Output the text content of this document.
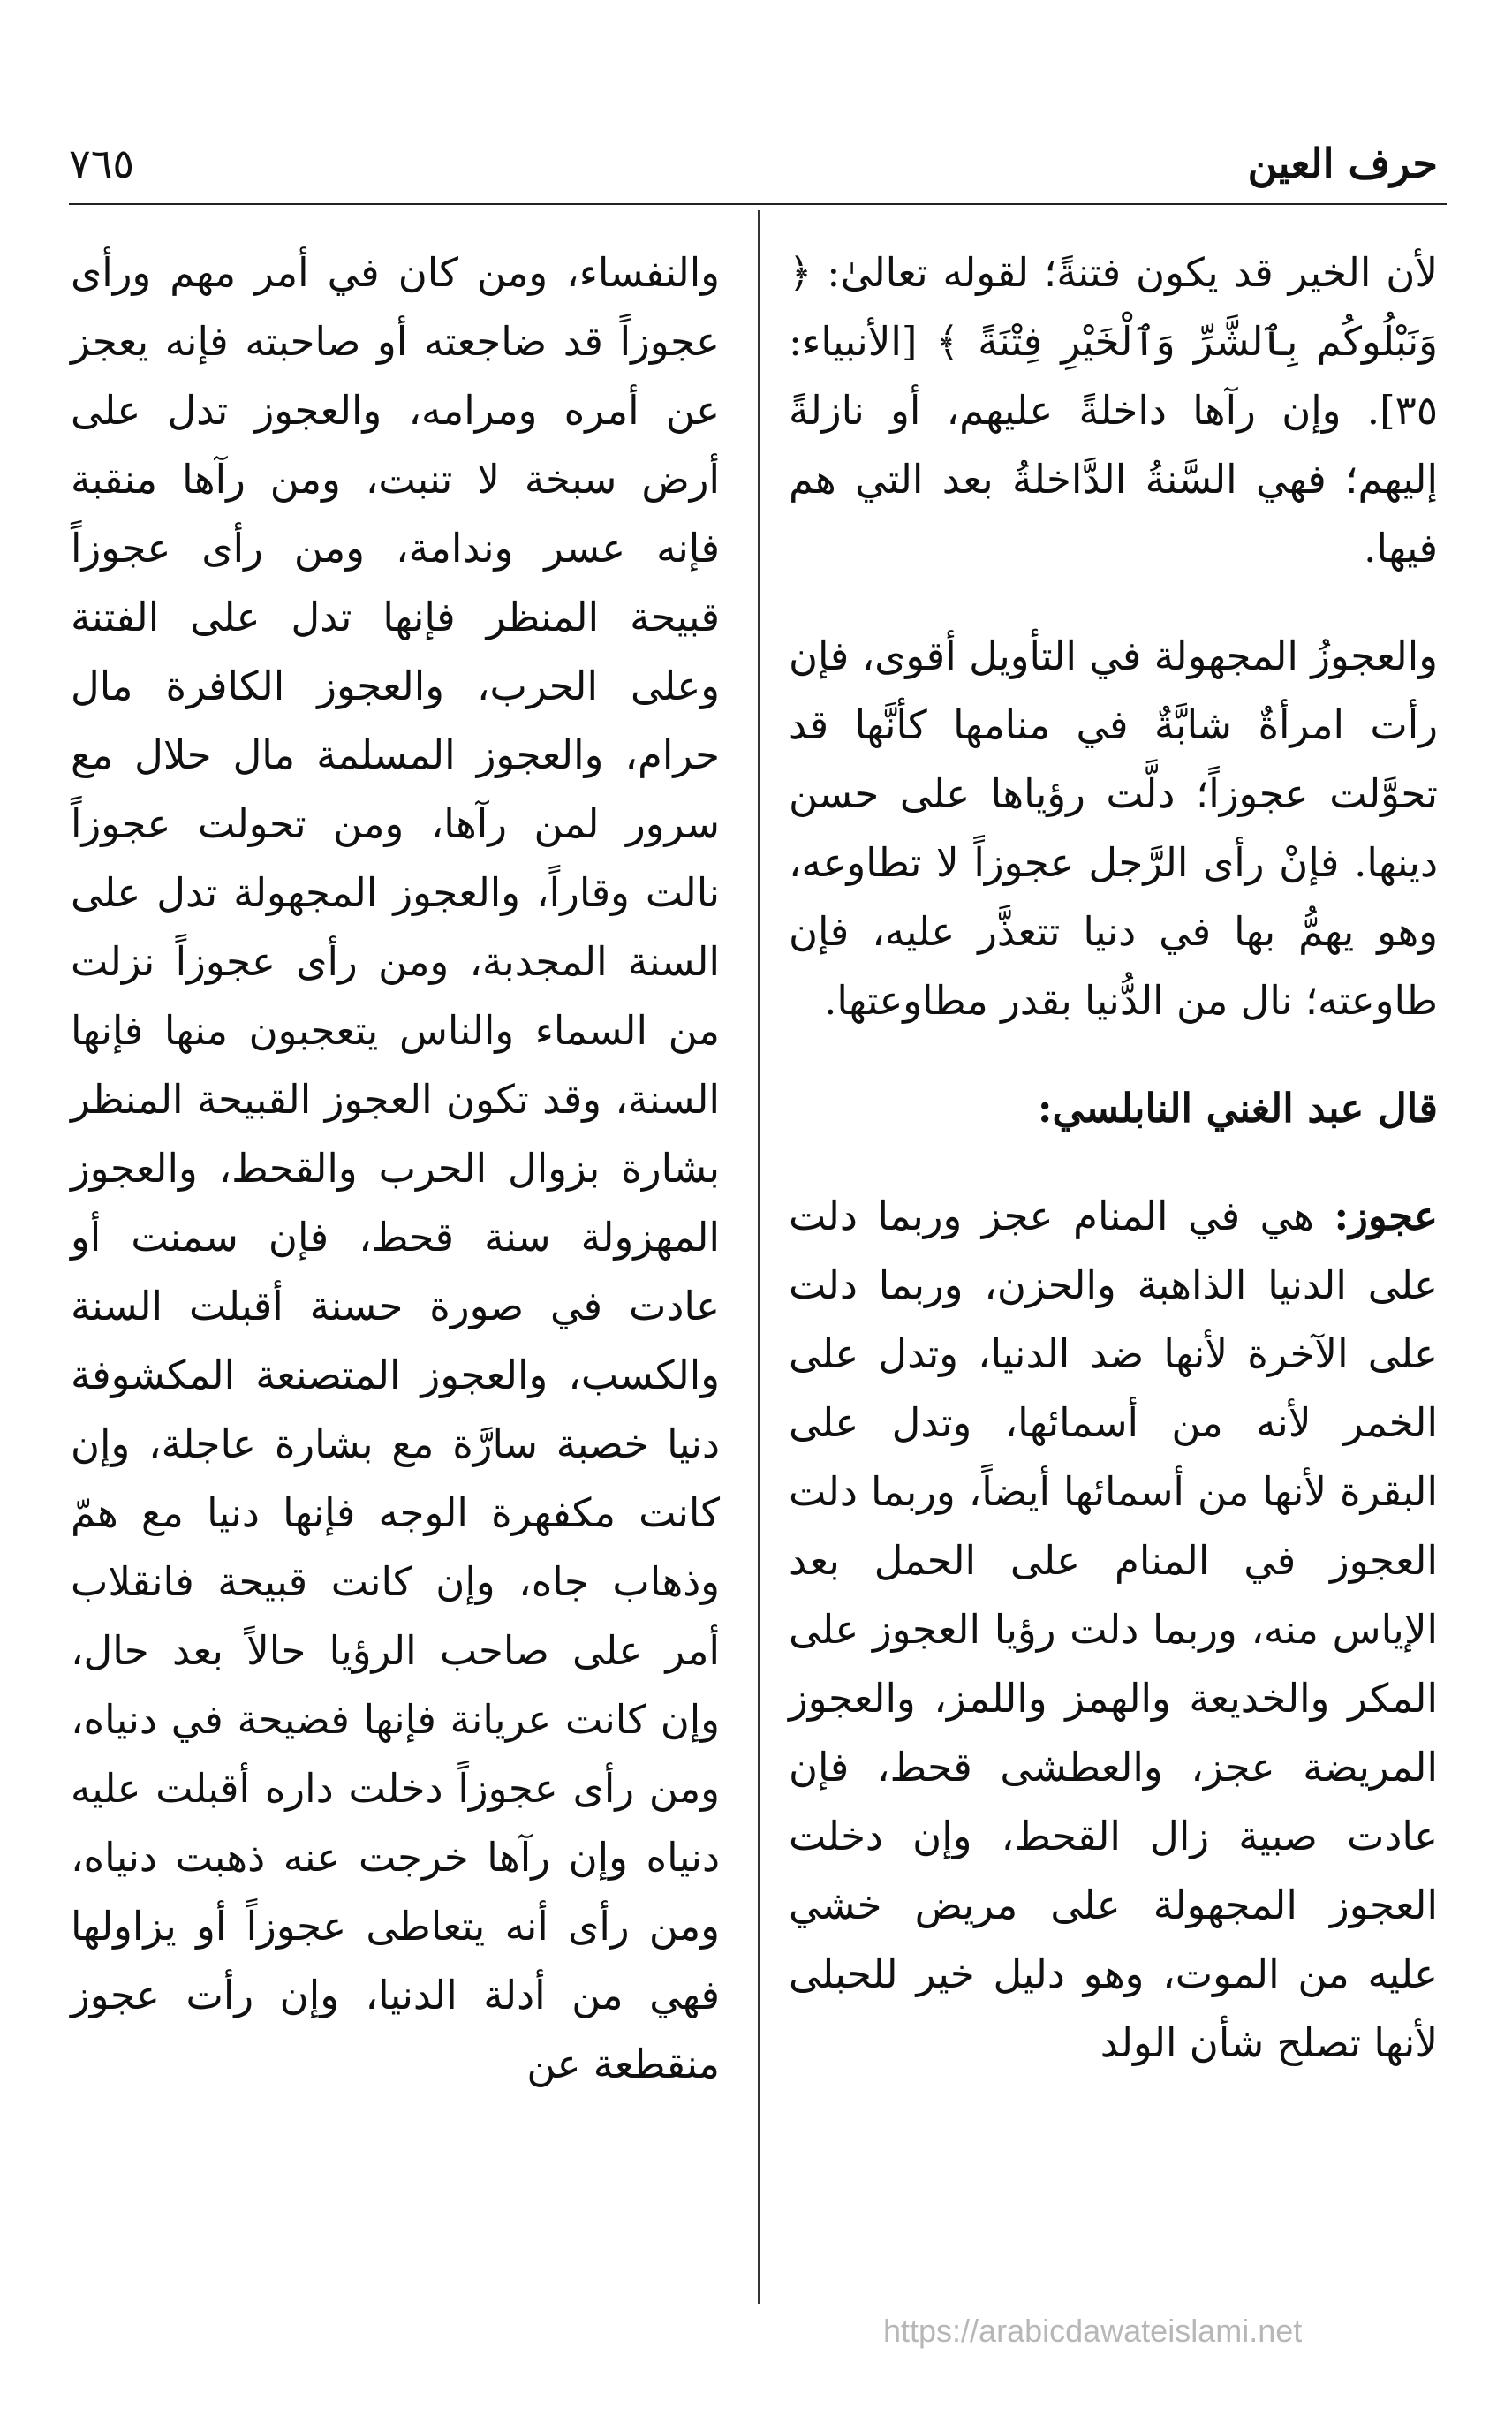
٧٦٥	حرف العين

لأن الخير قد يكون فتنةً؛ لقوله تعالىٰ: ﴿ وَنَبْلُوكُم بِٱلشَّرِّ وَٱلْخَيْرِ فِتْنَةً ﴾ [الأنبياء: ٣٥]. وإن رآها داخلةً عليهم، أو نازلةً إليهم؛ فهي السَّنةُ الدَّاخلةُ بعد التي هم فيها.

والعجوزُ المجهولة في التأويل أقوى، فإن رأت امرأةٌ شابَّةٌ في منامها كأنَّها قد تحوَّلت عجوزاً؛ دلَّت رؤياها على حسن دينها. فإنْ رأى الرَّجل عجوزاً لا تطاوعه، وهو يهمُّ بها في دنيا تتعذَّر عليه، فإن طاوعته؛ نال من الدُّنيا بقدر مطاوعتها.

قال عبد الغني النابلسي:

عجوز: هي في المنام عجز وربما دلت على الدنيا الذاهبة والحزن، وربما دلت على الآخرة لأنها ضد الدنيا، وتدل على الخمر لأنه من أسمائها، وتدل على البقرة لأنها من أسمائها أيضاً، وربما دلت العجوز في المنام على الحمل بعد الإياس منه، وربما دلت رؤيا العجوز على المكر والخديعة والهمز واللمز، والعجوز المريضة عجز، والعطشى قحط، فإن عادت صبية زال القحط، وإن دخلت العجوز المجهولة على مريض خشي عليه من الموت، وهو دليل خير للحبلى لأنها تصلح شأن الولد

والنفساء، ومن كان في أمر مهم ورأى عجوزاً قد ضاجعته أو صاحبته فإنه يعجز عن أمره ومرامه، والعجوز تدل على أرض سبخة لا تنبت، ومن رآها منقبة فإنه عسر وندامة، ومن رأى عجوزاً قبيحة المنظر فإنها تدل على الفتنة وعلى الحرب، والعجوز الكافرة مال حرام، والعجوز المسلمة مال حلال مع سرور لمن رآها، ومن تحولت عجوزاً نالت وقاراً، والعجوز المجهولة تدل على السنة المجدبة، ومن رأى عجوزاً نزلت من السماء والناس يتعجبون منها فإنها السنة، وقد تكون العجوز القبيحة المنظر بشارة بزوال الحرب والقحط، والعجوز المهزولة سنة قحط، فإن سمنت أو عادت في صورة حسنة أقبلت السنة والكسب، والعجوز المتصنعة المكشوفة دنيا خصبة سارَّة مع بشارة عاجلة، وإن كانت مكفهرة الوجه فإنها دنيا مع همّ وذهاب جاه، وإن كانت قبيحة فانقلاب أمر على صاحب الرؤيا حالاً بعد حال، وإن كانت عريانة فإنها فضيحة في دنياه، ومن رأى عجوزاً دخلت داره أقبلت عليه دنياه وإن رآها خرجت عنه ذهبت دنياه، ومن رأى أنه يتعاطى عجوزاً أو يزاولها فهي من أدلة الدنيا، وإن رأت عجوز منقطعة عن

https://arabicdawateislami.net
